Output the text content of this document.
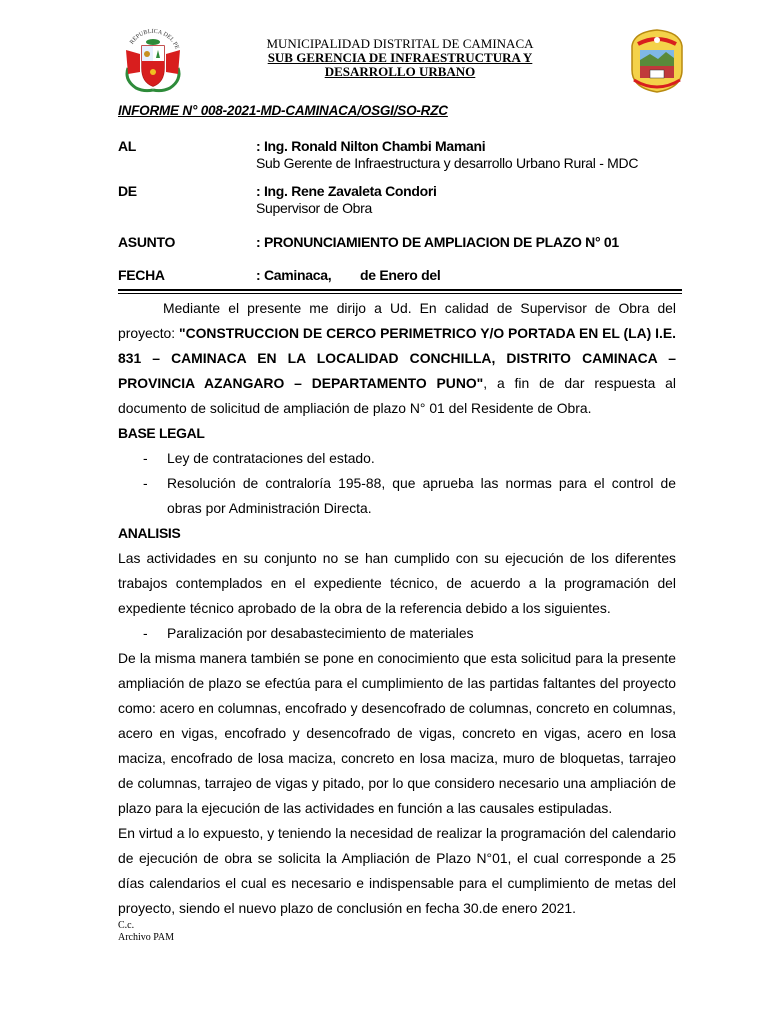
REPUBLICA DEL PE	MUNICIPALIDAD DISTRITAL DE CAMINACA
SUB GERENCIA DE INFRAESTRUCTURA Y
DESARROLLO URBANO
INFORME N° 008-2021-MD-CAMINACA/OSGI/SO-RZC
AL	: Ing. Ronald Nilton Chambi Mamani
Sub Gerente de Infraestructura y desarrollo Urbano Rural - MDC
DE	: Ing. Rene Zavaleta Condori
Supervisor de Obra
ASUNTO	: PRONUNCIAMIENTO DE AMPLIACION DE PLAZO N° 01
FECHA	: Caminaca,        de Enero del

Mediante el presente me dirijo a Ud. En calidad de Supervisor de Obra del proyecto: "CONSTRUCCION DE CERCO PERIMETRICO Y/O PORTADA EN EL (LA) I.E. 831 – CAMINACA EN LA LOCALIDAD CONCHILLA, DISTRITO CAMINACA – PROVINCIA AZANGARO – DEPARTAMENTO PUNO", a fin de dar respuesta al documento de solicitud de ampliación de plazo N° 01 del Residente de Obra.

BASE LEGAL

- Ley de contrataciones del estado.
- Resolución de contraloría 195-88, que aprueba las normas para el control de obras por Administración Directa.

ANALISIS

Las actividades en su conjunto no se han cumplido con su ejecución de los diferentes trabajos contemplados en el expediente técnico, de acuerdo a la programación del expediente técnico aprobado de la obra de la referencia debido a los siguientes.

- Paralización por desabastecimiento de materiales

De la misma manera también se pone en conocimiento que esta solicitud para la presente ampliación de plazo se efectúa para el cumplimiento de las partidas faltantes del proyecto como: acero en columnas, encofrado y desencofrado de columnas, concreto en columnas, acero en vigas, encofrado y desencofrado de vigas, concreto en vigas, acero en losa maciza, encofrado de losa maciza, concreto en losa maciza, muro de bloquetas, tarrajeo de columnas, tarrajeo de vigas y pitado, por lo que considero necesario una ampliación de plazo para la ejecución de las actividades en función a las causales estipuladas.

En virtud a lo expuesto, y teniendo la necesidad de realizar la programación del calendario de ejecución de obra se solicita la Ampliación de Plazo N°01, el cual corresponde a 25 días calendarios el cual es necesario e indispensable para el cumplimiento de metas del proyecto, siendo el nuevo plazo de conclusión en fecha 30.de enero 2021.

C.c.
Archivo PAM
